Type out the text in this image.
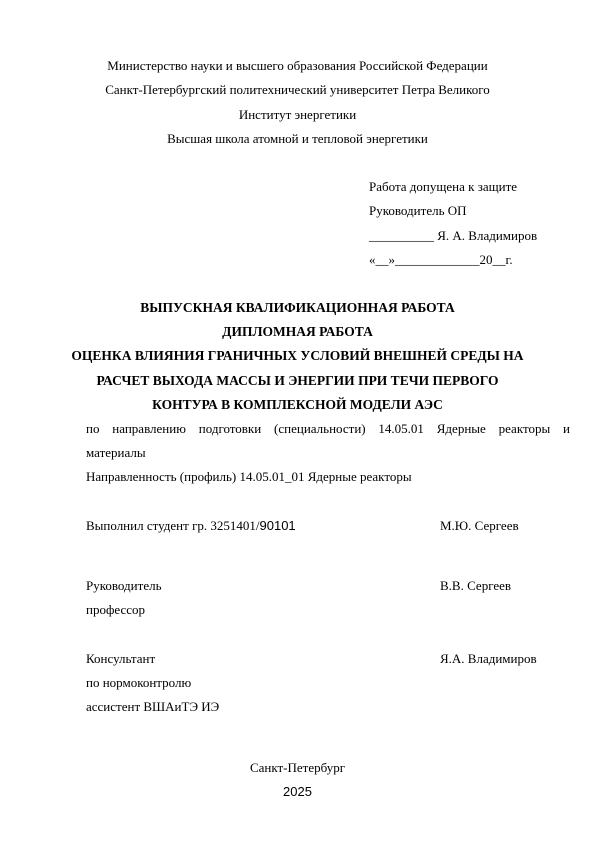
Министерство науки и высшего образования Российской Федерации
Санкт-Петербургский политехнический университет Петра Великого
Институт энергетики
Высшая школа атомной и тепловой энергетики
Работа допущена к защите
Руководитель ОП
__________ Я. А. Владимиров
«__»_____________20__г.
ВЫПУСКНАЯ КВАЛИФИКАЦИОННАЯ РАБОТА
ДИПЛОМНАЯ РАБОТА
ОЦЕНКА ВЛИЯНИЯ ГРАНИЧНЫХ УСЛОВИЙ ВНЕШНЕЙ СРЕДЫ НА
РАСЧЕТ ВЫХОДА МАССЫ И ЭНЕРГИИ ПРИ ТЕЧИ ПЕРВОГО
КОНТУРА В КОМПЛЕКСНОЙ МОДЕЛИ АЭС
по направлению подготовки (специальности) 14.05.01 Ядерные реакторы и
материалы
Направленность (профиль) 14.05.01_01 Ядерные реакторы
Выполнил студент гр. 3251401/90101	М.Ю. Сергеев
Руководитель	В.В. Сергеев
профессор
Консультант	Я.А. Владимиров
по нормоконтролю
ассистент ВШАиТЭ ИЭ
Санкт-Петербург
2025
